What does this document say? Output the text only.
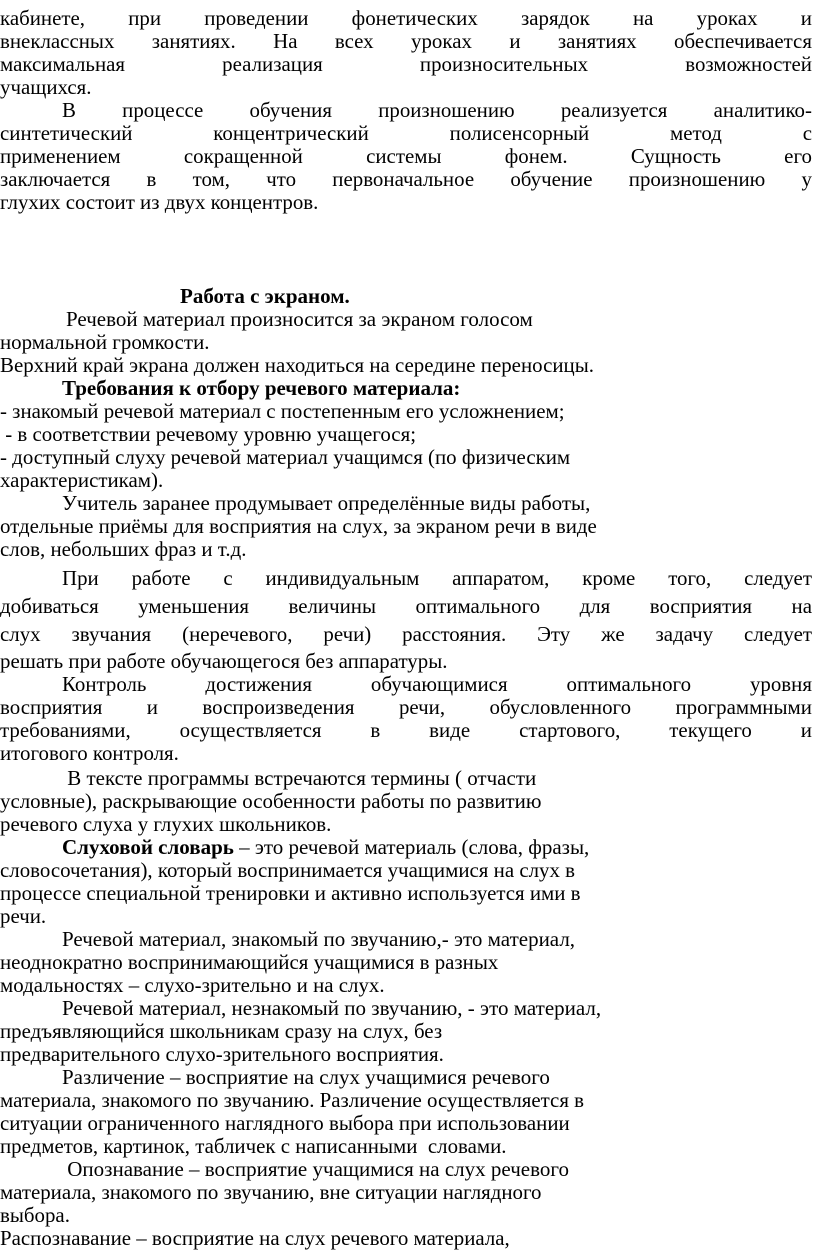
кабинете, при проведении фонетических зарядок на уроках и
внеклассных занятиях. На всех уроках и занятиях обеспечивается
максимальная	реализация	произносительных	возможностей
учащихся.
В процессе обучения произношению реализуется аналитико-
синтетический	концентрический	полисенсорный	метод	с
применением	сокращенной	системы	фонем.	Сущность	его
заключается в том, что первоначальное обучение произношению у
глухих состоит из двух концентров.
Работа с экраном.
Речевой материал произносится за экраном голосом
нормальной громкости.
Верхний край экрана должен находиться на середине переносицы.
Требования к отбору речевого материала:
- знакомый речевой материал с постепенным его усложнением;
- в соответствии речевому уровню учащегося;
- доступный слуху речевой материал учащимся (по физическим
характеристикам).
Учитель заранее продумывает определённые виды работы,
отдельные приёмы для восприятия на слух, за экраном речи в виде
слов, небольших фраз и т.д.
При работе с индивидуальным аппаратом, кроме того, следует
добиваться уменьшения величины оптимального для восприятия на
слух звучания (неречевого, речи) расстояния. Эту же задачу следует
решать при работе обучающегося без аппаратуры.
Контроль	достижения	обучающимися	оптимального	уровня
восприятия и воспроизведения речи, обусловленного программными
требованиями, осуществляется в виде стартового, текущего и
итогового контроля.
В тексте программы встречаются термины ( отчасти
условные), раскрывающие особенности работы по развитию
речевого слуха у глухих школьников.
Слуховой словарь – это речевой материаль (слова, фразы,
словосочетания), который воспринимается учащимися на слух в
процессе специальной тренировки и активно используется ими в
речи.
Речевой материал, знакомый по звучанию,- это материал,
неоднократно воспринимающийся учащимися в разных
модальностях – слухо-зрительно и на слух.
Речевой материал, незнакомый по звучанию, - это материал,
предъявляющийся школьникам сразу на слух, без
предварительного слухо-зрительного восприятия.
Различение – восприятие на слух учащимися речевого
материала, знакомого по звучанию. Различение осуществляется в
ситуации ограниченного наглядного выбора при использовании
предметов, картинок, табличек с написанными  словами.
Опознавание – восприятие учащимися на слух речевого
материала, знакомого по звучанию, вне ситуации наглядного
выбора.
Распознавание – восприятие на слух речевого материала,
